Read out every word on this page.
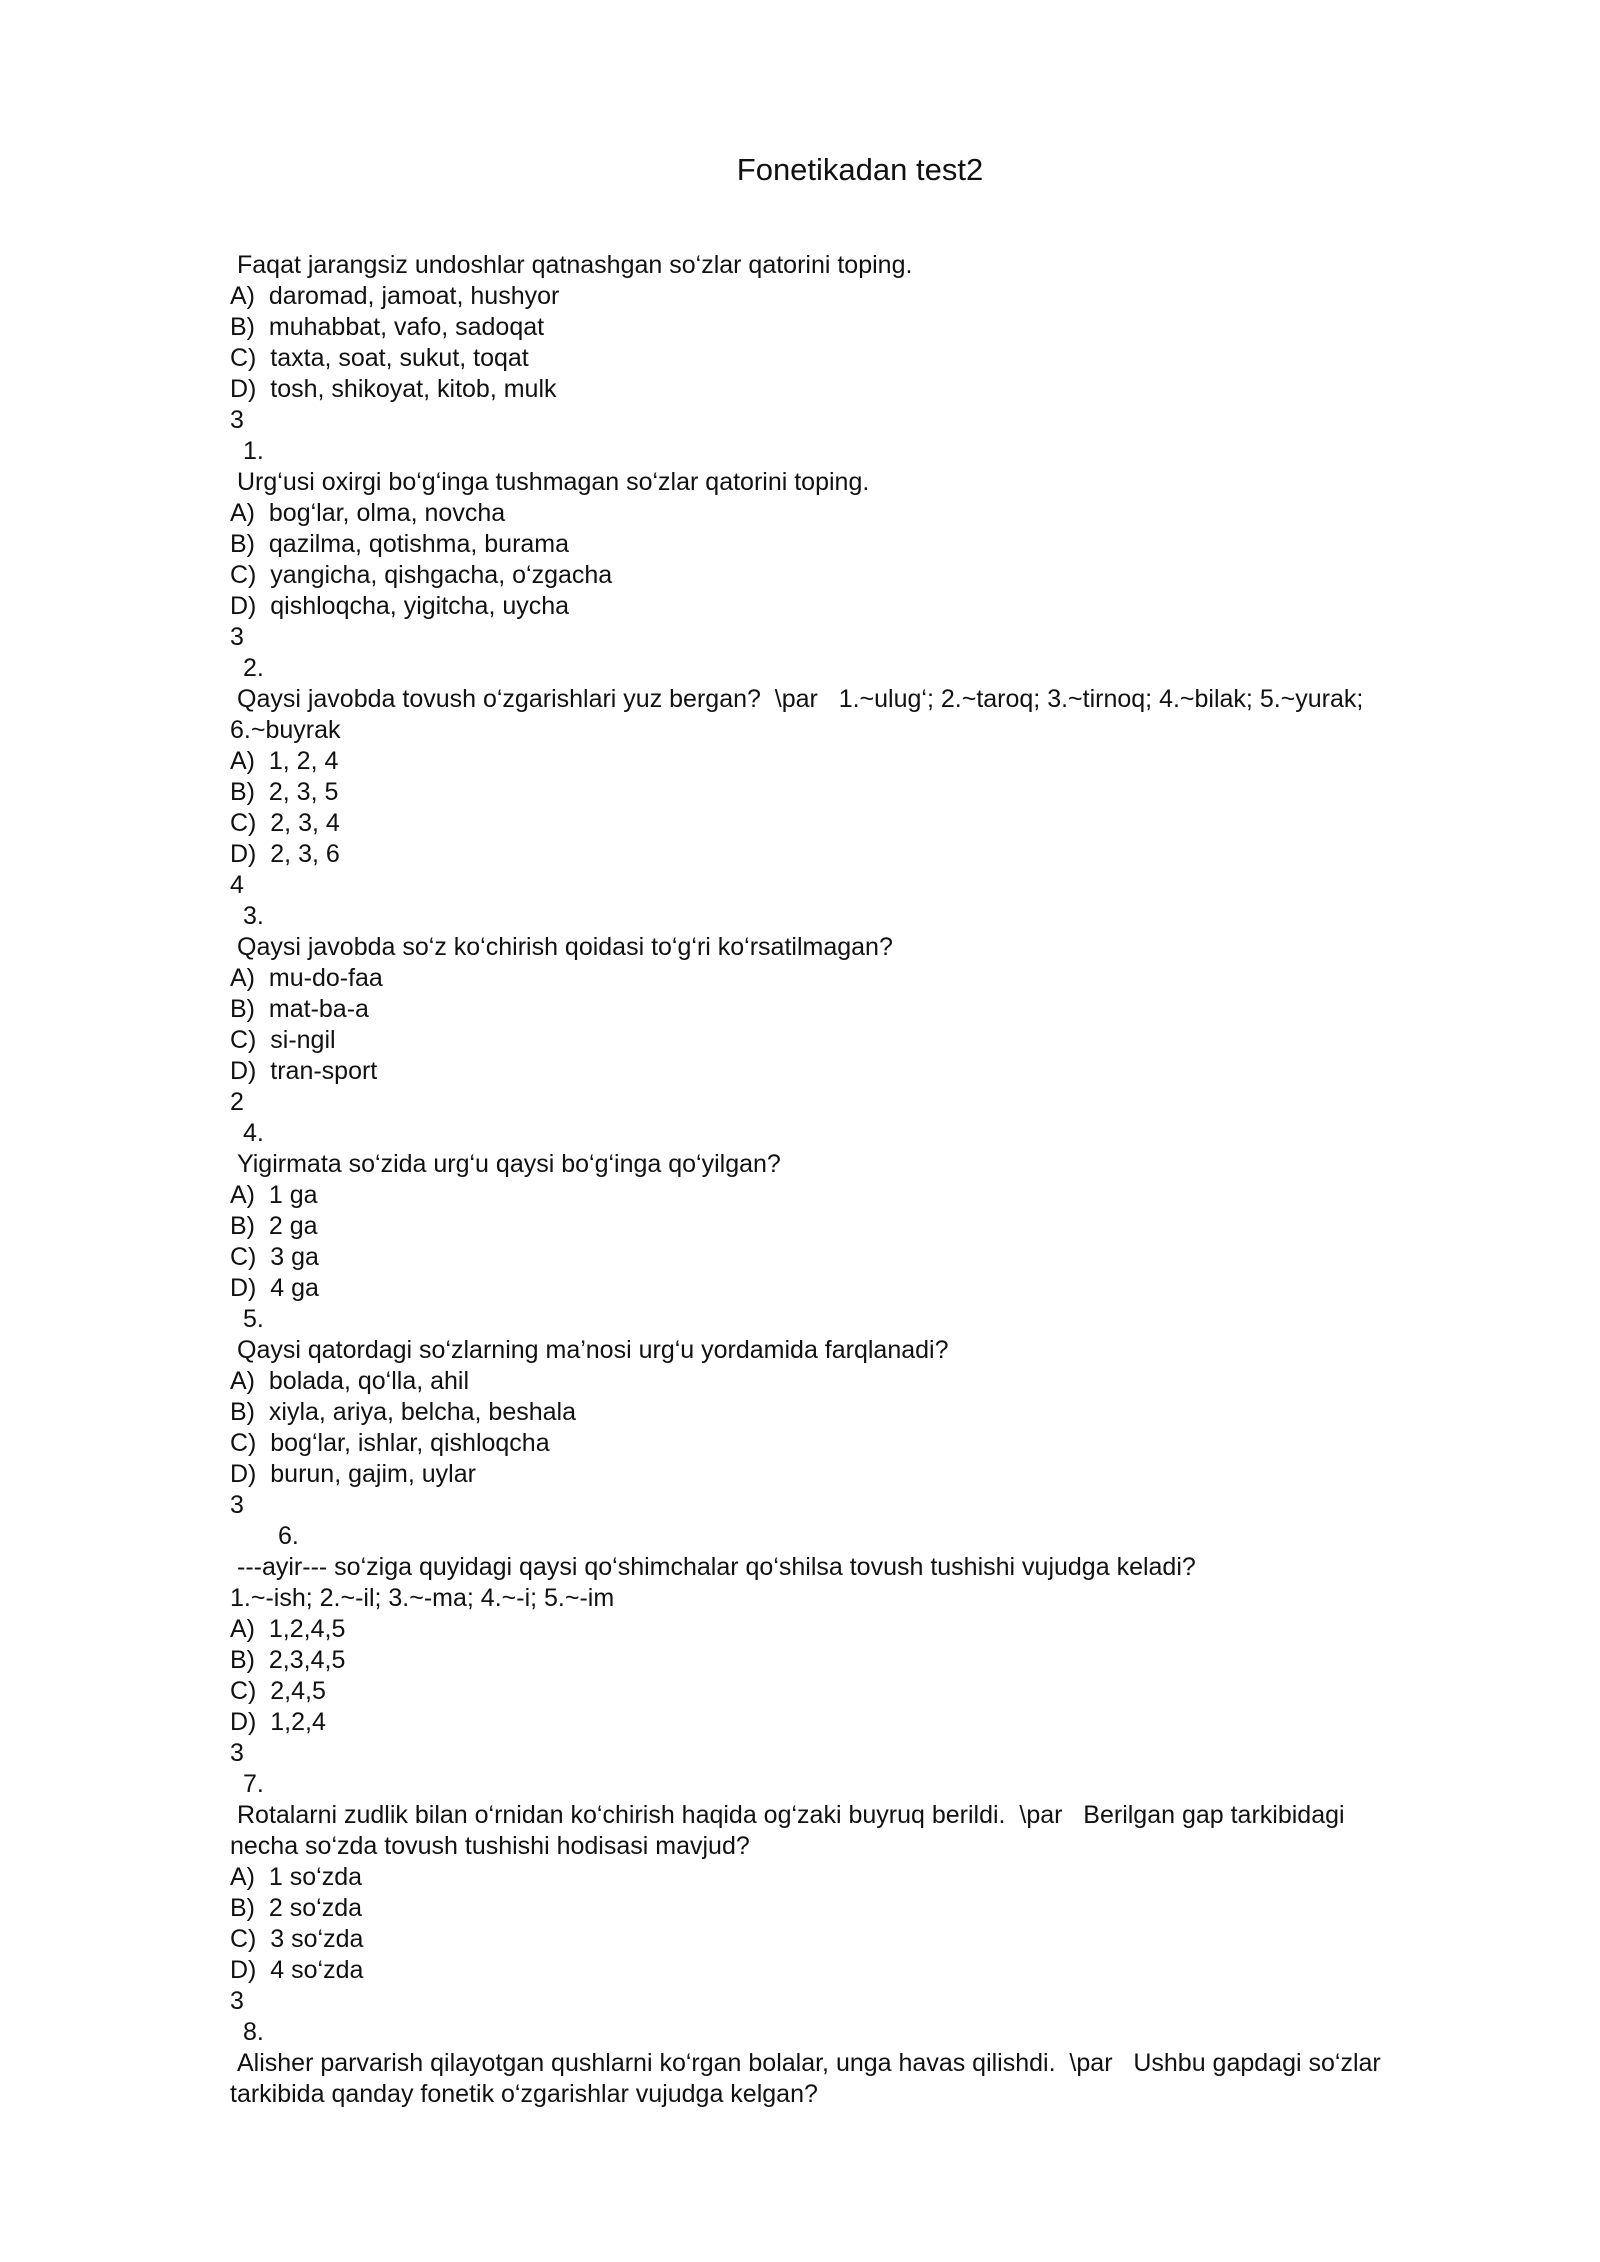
Fonetikadan test2
Faqat jarangsiz undoshlar qatnashgan so‘zlar qatorini toping.
A)  daromad, jamoat, hushyor
B)  muhabbat, vafo, sadoqat
C)  taxta, soat, sukut, toqat
D)  tosh, shikoyat, kitob, mulk
3
1.
Urg‘usi oxirgi bo‘g‘inga tushmagan so‘zlar qatorini toping.
A)  bog‘lar, olma, novcha
B)  qazilma, qotishma, burama
C)  yangicha, qishgacha, o‘zgacha
D)  qishloqcha, yigitcha, uycha
3
2.
Qaysi javobda tovush o‘zgarishlari yuz bergan?  \par   1.~ulug‘; 2.~taroq; 3.~tirnoq; 4.~bilak; 5.~yurak;
6.~buyrak
A)  1, 2, 4
B)  2, 3, 5
C)  2, 3, 4
D)  2, 3, 6
4
3.
Qaysi javobda so‘z ko‘chirish qoidasi to‘g‘ri ko‘rsatilmagan?
A)  mu-do-faa
B)  mat-ba-a
C)  si-ngil
D)  tran-sport
2
4.
Yigirmata so‘zida urg‘u qaysi bo‘g‘inga qo‘yilgan?
A)  1 ga
B)  2 ga
C)  3 ga
D)  4 ga
5.
Qaysi qatordagi so‘zlarning ma’nosi urg‘u yordamida farqlanadi?
A)  bolada, qo‘lla, ahil
B)  xiyla, ariya, belcha, beshala
C)  bog‘lar, ishlar, qishloqcha
D)  burun, gajim, uylar
3
6.
---ayir--- so‘ziga quyidagi qaysi qo‘shimchalar qo‘shilsa tovush tushishi vujudga keladi?
1.~-ish; 2.~-il; 3.~-ma; 4.~-i; 5.~-im
A)  1,2,4,5
B)  2,3,4,5
C)  2,4,5
D)  1,2,4
3
7.
Rotalarni zudlik bilan o‘rnidan ko‘chirish haqida og‘zaki buyruq berildi.  \par   Berilgan gap tarkibidagi
necha so‘zda tovush tushishi hodisasi mavjud?
A)  1 so‘zda
B)  2 so‘zda
C)  3 so‘zda
D)  4 so‘zda
3
8.
Alisher parvarish qilayotgan qushlarni ko‘rgan bolalar, unga havas qilishdi.  \par   Ushbu gapdagi so‘zlar
tarkibida qanday fonetik o‘zgarishlar vujudga kelgan?
